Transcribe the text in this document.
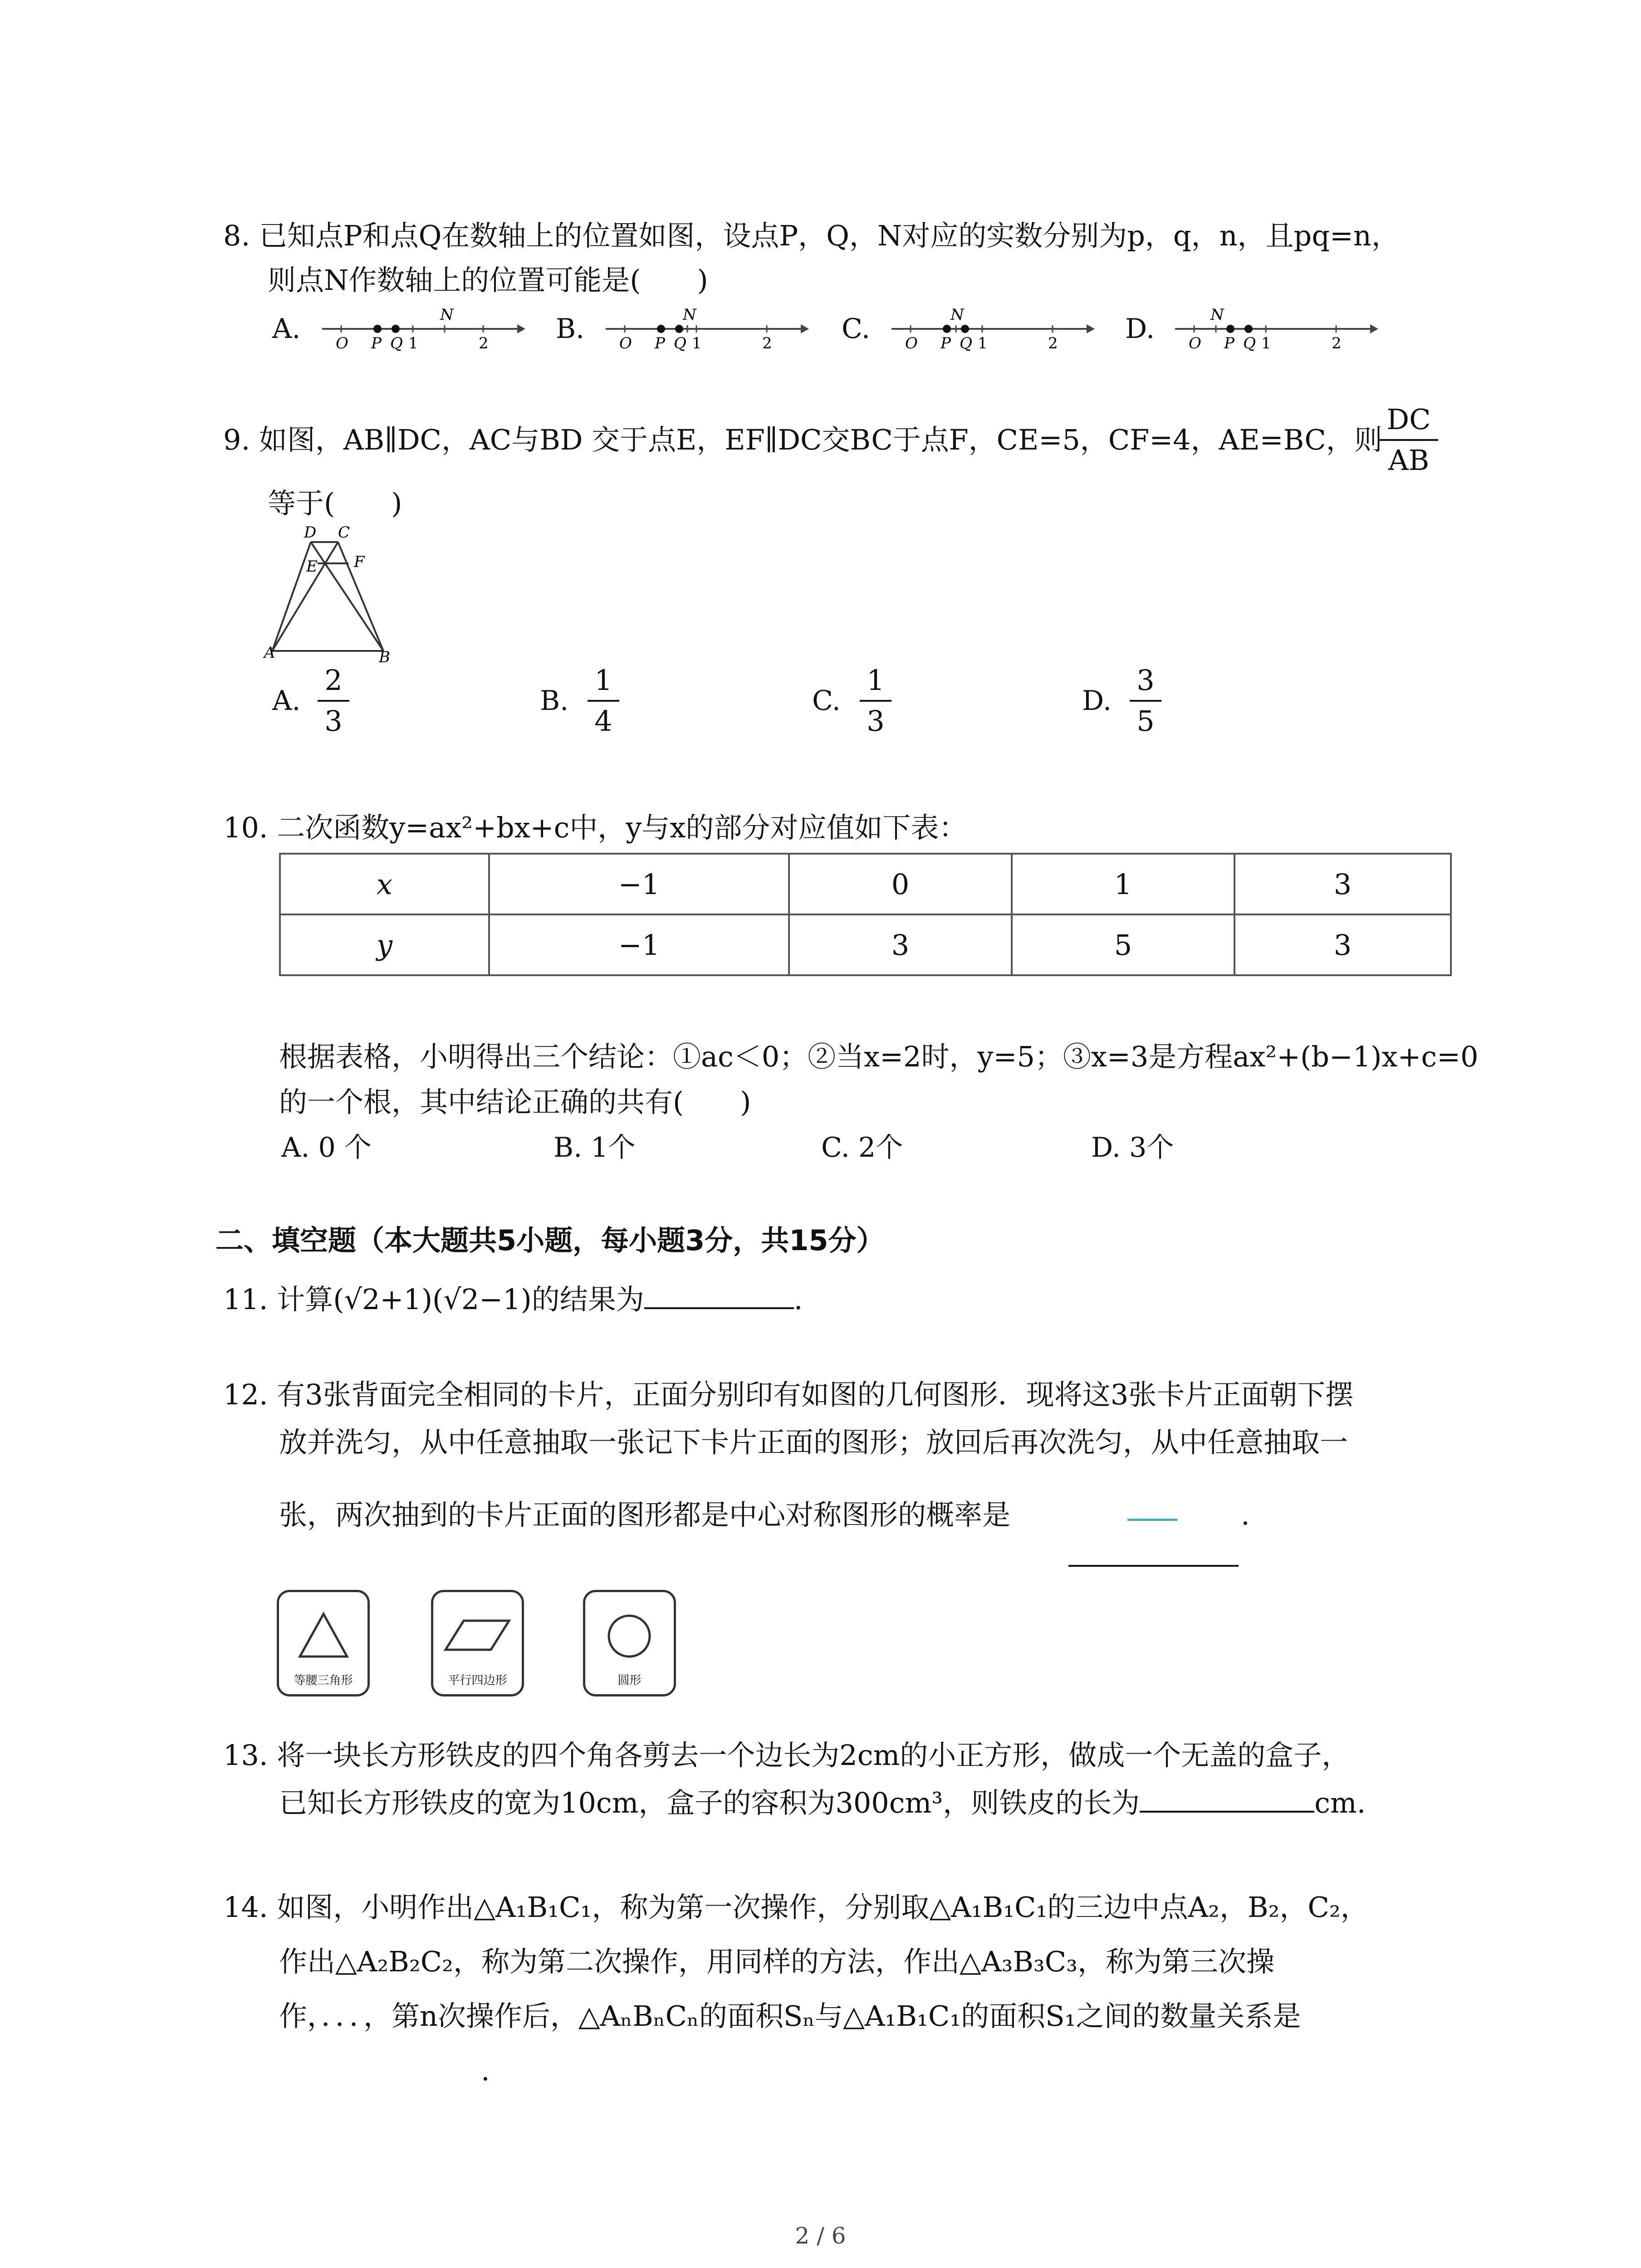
8. 已知点P和点Q在数轴上的位置如图，设点P，Q，N对应的实数分别为p，q，n，且pq=n，
则点N作数轴上的位置可能是(　　)
A.	N
O P Q 1	2 B.	N
O P Q 1	2	C.	N
O P Q 1	2 D.	N
O P Q 1	2
9. 如图，AB∥DC，AC与BD 交于点E，EF∥DC交BC于点F，CE=5，CF=4，AE=BC，则
DC
AB
等于(　　)
D C
E F
A	B
A.
2
3
B.
1
4
C.
1
3
D.
3
5
10. 二次函数y=ax²+bx+c中，y与x的部分对应值如下表：
x	−1	0	1	3
y	−1	3	5	3
根据表格，小明得出三个结论：①ac＜0；②当x=2时，y=5；③x=3是方程ax²+(b−1)x+c=0
的一个根，其中结论正确的共有(　　)
A. 0 个	B. 1个	C. 2个	D. 3个
二、填空题（本大题共5小题，每小题3分，共15分）
11. 计算(√2+1)(√2−1)的结果为	.
12. 有3张背面完全相同的卡片，正面分别印有如图的几何图形．现将这3张卡片正面朝下摆
放并洗匀，从中任意抽取一张记下卡片正面的图形；放回后再次洗匀，从中任意抽取一
张，两次抽到的卡片正面的图形都是中心对称图形的概率是	.
等腰三角形	平行四边形	圆形
13. 将一块长方形铁皮的四个角各剪去一个边长为2cm的小正方形，做成一个无盖的盒子，
已知长方形铁皮的宽为10cm，盒子的容积为300cm³，则铁皮的长为	cm.
14. 如图，小明作出△A₁B₁C₁，称为第一次操作，分别取△A₁B₁C₁的三边中点A₂，B₂，C₂，
作出△A₂B₂C₂，称为第二次操作，用同样的方法，作出△A₃B₃C₃，称为第三次操
作，．．．，第n次操作后，△AₙBₙCₙ的面积Sₙ与△A₁B₁C₁的面积S₁之间的数量关系是
.
2 / 6
